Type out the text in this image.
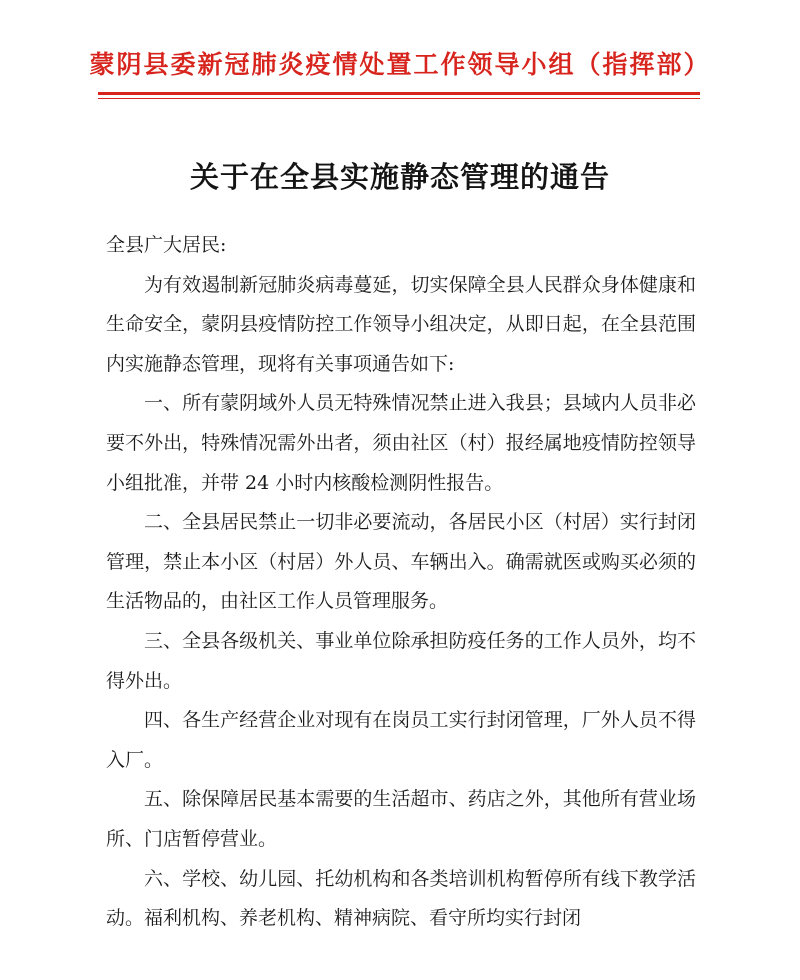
蒙阴县委新冠肺炎疫情处置工作领导小组（指挥部）
关于在全县实施静态管理的通告

全县广大居民:

为有效遏制新冠肺炎病毒蔓延，切实保障全县人民群众身体健康和生命安全，蒙阴县疫情防控工作领导小组决定，从即日起，在全县范围内实施静态管理，现将有关事项通告如下:

一、所有蒙阴域外人员无特殊情况禁止进入我县；县域内人员非必要不外出，特殊情况需外出者，须由社区（村）报经属地疫情防控领导小组批准，并带 24 小时内核酸检测阴性报告。

二、全县居民禁止一切非必要流动，各居民小区（村居）实行封闭管理，禁止本小区（村居）外人员、车辆出入。确需就医或购买必须的生活物品的，由社区工作人员管理服务。

三、全县各级机关、事业单位除承担防疫任务的工作人员外，均不得外出。

四、各生产经营企业对现有在岗员工实行封闭管理，厂外人员不得入厂。

五、除保障居民基本需要的生活超市、药店之外，其他所有营业场所、门店暂停营业。

六、学校、幼儿园、托幼机构和各类培训机构暂停所有线下教学活动。福利机构、养老机构、精神病院、看守所均实行封闭
